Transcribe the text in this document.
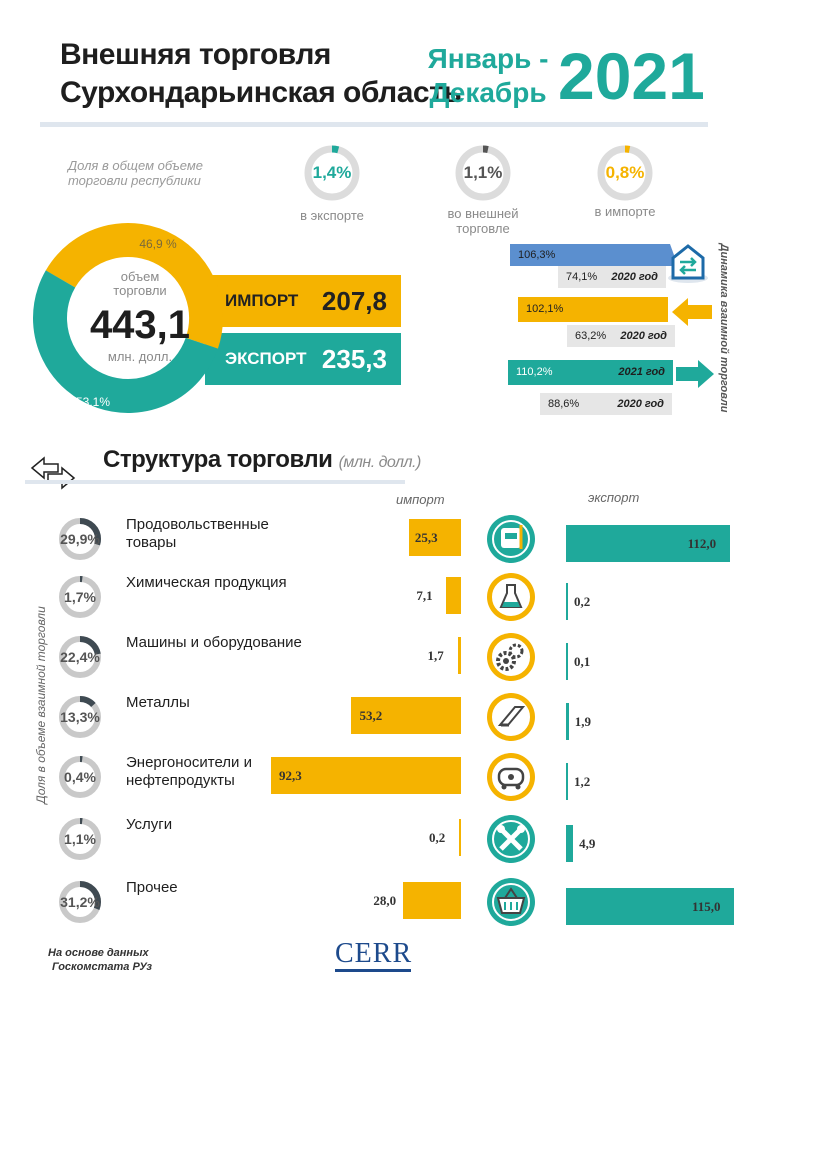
Внешняя торговля
Сурхондарьинская область
Январь -
Декабрь 2021
Доля в общем объеме
торговли республики	1,4%
в экспорте
1,1%
во внешней
торговле
0,8%
в импорте
ИМПОРТ 207,8
ЭКСПОРТ 235,3
46,9 %
53,1%
объем
торговли
443,1
млн. долл.
106,3%
74,1% 2020 год
102,1%
63,2% 2020 год
110,2%	2021 год
88,6%	2020 год	Динамика взаимной торговли
Структура торговли (млн. долл.)
импорт	экспорт
Доля в объеме взаимной торговли
29,9%
Продовольственные
товары	25,3	112,0
1,7%
Химическая продукция
7,1	0,2
22,4%
Машины и оборудование
1,7	0,1
13,3%
Металлы
53,2	1,9
0,4%
Энергоносители и
нефтепродукты	92,3	1,2
1,1%
Услуги
0,2	4,9
31,2%
Прочее
28,0	115,0
На основе данных
Госкомстата РУз	CERR
